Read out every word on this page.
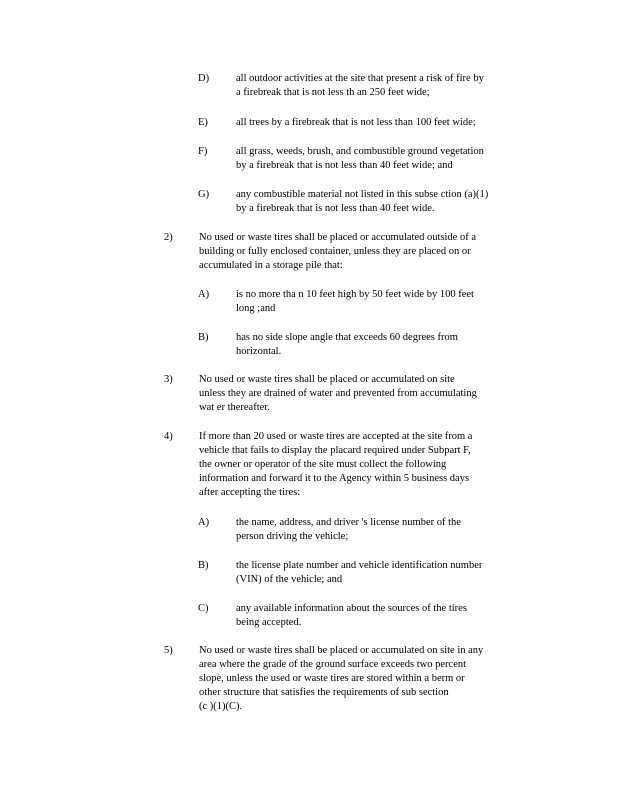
D)	all outdoor activities at the site that present a risk of fire by
a firebreak that is not less th an 250 feet wide;
E)	all trees by a firebreak that is not less than 100 feet wide;
F)	all grass, weeds, brush, and combustible ground vegetation
by a firebreak that is not less than 40 feet wide; and
G)	any combustible material not listed in this subse ction (a)(1)
by a firebreak that is not less than 40 feet wide.
2)	No used or waste tires shall be placed or accumulated outside of a
building or fully enclosed container, unless they are placed on or
accumulated in a storage pile that:
A)	is no more tha n 10 feet high by 50 feet wide by 100 feet
long ;and
B)	has no side slope angle that exceeds 60 degrees from
horizontal.
3)	No used or waste tires shall be placed or accumulated on site
unless they are drained of water and prevented from accumulating
wat er thereafter.
4)	If more than 20 used or waste tires are accepted at the site from a
vehicle that fails to display the placard required under Subpart F,
the owner or operator of the site must collect the following
information and forward it to the Agency within 5 business days
after accepting the tires:
A)	the name, address, and driver 's license number of the
person driving the vehicle;
B)	the license plate number and vehicle identification number
(VIN) of the vehicle; and
C)	any available information about the sources of the tires
being accepted.
5)	No used or waste tires shall be placed or accumulated on site in any
area where the grade of the ground surface exceeds two percent
slope, unless the used or waste tires are stored within a berm or
other structure that satisfies the requirements of sub section
(c )(1)(C).
